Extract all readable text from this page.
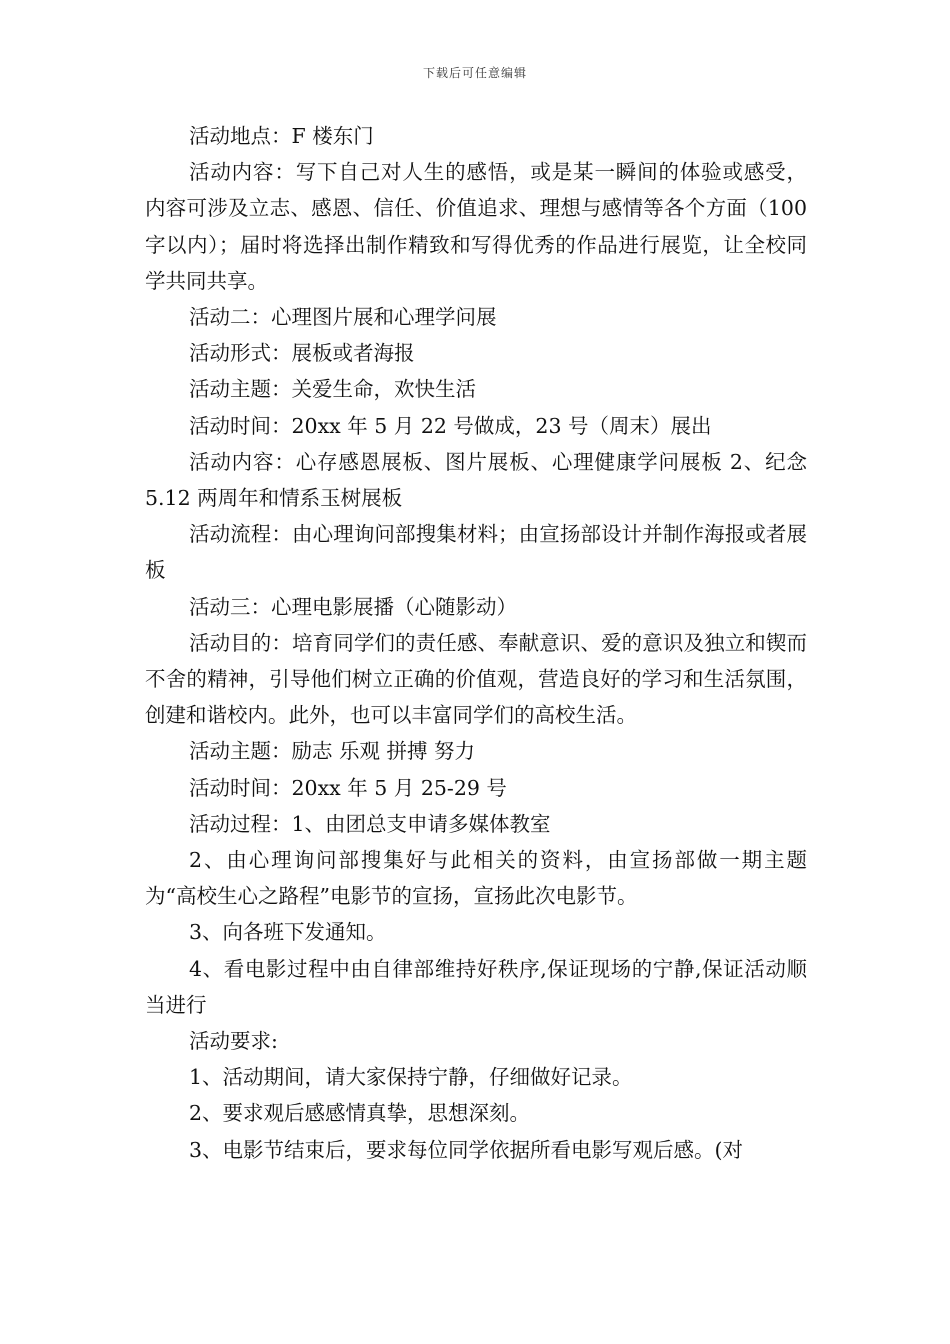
下载后可任意编辑

活动地点：F 楼东门

活动内容：写下自己对人生的感悟，或是某一瞬间的体验或感受， 内容可涉及立志、感恩、信任、价值追求、理想与感情等各个方面（100 字以内）；届时将选择出制作精致和写得优秀的作品进行展览，让全校同学共同共享。

活动二：心理图片展和心理学问展

活动形式：展板或者海报

活动主题：关爱生命，欢快生活

活动时间：20xx 年 5 月 22 号做成，23 号（周末）展出

活动内容：心存感恩展板、图片展板、心理健康学问展板 2、纪念 5.12 两周年和情系玉树展板

活动流程：由心理询问部搜集材料；由宣扬部设计并制作海报或者展板

活动三：心理电影展播（心随影动）

活动目的：培育同学们的责任感、奉献意识、爱的意识及独立和锲而不舍的精神，引导他们树立正确的价值观，营造良好的学习和生活氛围，创建和谐校内。此外，也可以丰富同学们的高校生活。

活动主题：励志 乐观 拼搏 努力

活动时间：20xx 年 5 月 25-29 号

活动过程：1、由团总支申请多媒体教室

2、由心理询问部搜集好与此相关的资料，由宣扬部做一期主题为“高校生心之路程”电影节的宣扬，宣扬此次电影节。

3、向各班下发通知。

4、看电影过程中由自律部维持好秩序,保证现场的宁静,保证活动顺当进行

活动要求:

1、活动期间，请大家保持宁静，仔细做好记录。

2、要求观后感感情真挚，思想深刻。

3、电影节结束后，要求每位同学依据所看电影写观后感。(对
